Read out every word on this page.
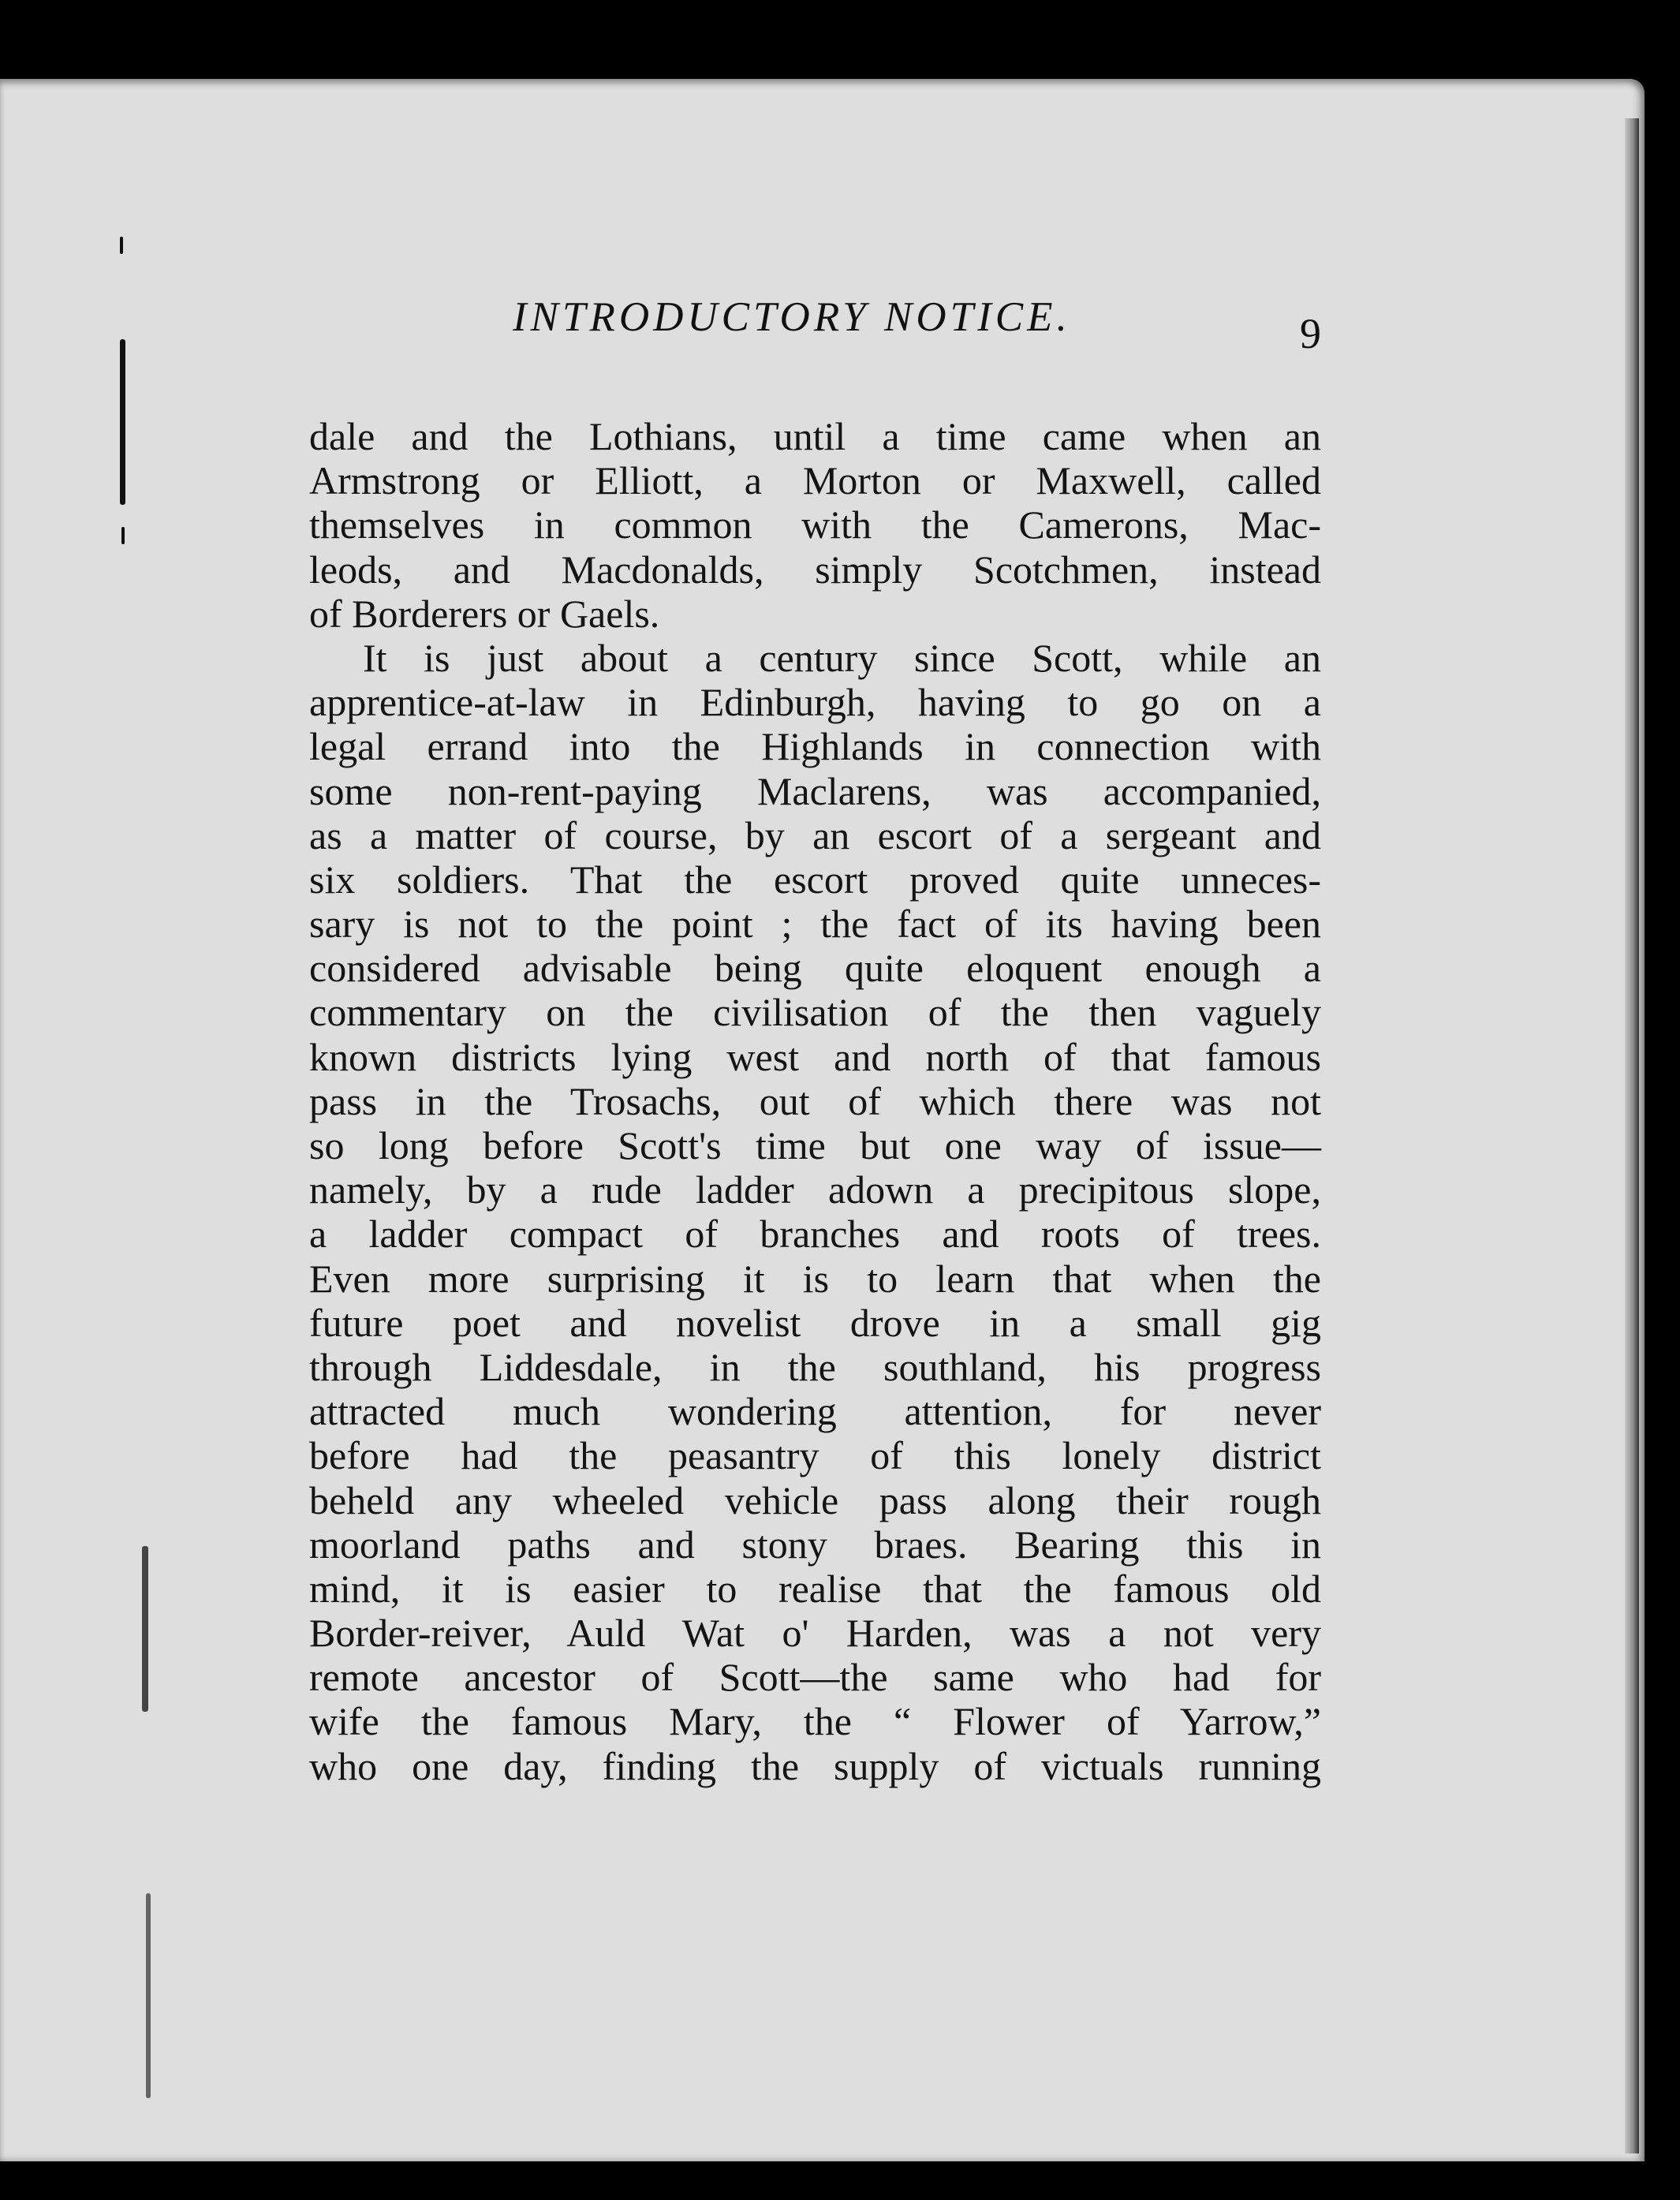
INTRODUCTORY NOTICE.	9
dale and the Lothians, until a time came when an
Armstrong or Elliott, a Morton or Maxwell, called
themselves in common with the Camerons, Mac-
leods, and Macdonalds, simply Scotchmen, instead
of Borderers or Gaels.
It is just about a century since Scott, while an
apprentice-at-law in Edinburgh, having to go on a
legal errand into the Highlands in connection with
some non-rent-paying Maclarens, was accompanied,
as a matter of course, by an escort of a sergeant and
six soldiers. That the escort proved quite unneces-
sary is not to the point ; the fact of its having been
considered advisable being quite eloquent enough a
commentary on the civilisation of the then vaguely
known districts lying west and north of that famous
pass in the Trosachs, out of which there was not
so long before Scott's time but one way of issue—
namely, by a rude ladder adown a precipitous slope,
a ladder compact of branches and roots of trees.
Even more surprising it is to learn that when the
future poet and novelist drove in a small gig
through Liddesdale, in the southland, his progress
attracted much wondering attention, for never
before had the peasantry of this lonely district
beheld any wheeled vehicle pass along their rough
moorland paths and stony braes. Bearing this in
mind, it is easier to realise that the famous old
Border-reiver, Auld Wat o' Harden, was a not very
remote ancestor of Scott—the same who had for
wife the famous Mary, the “ Flower of Yarrow,”
who one day, finding the supply of victuals running
